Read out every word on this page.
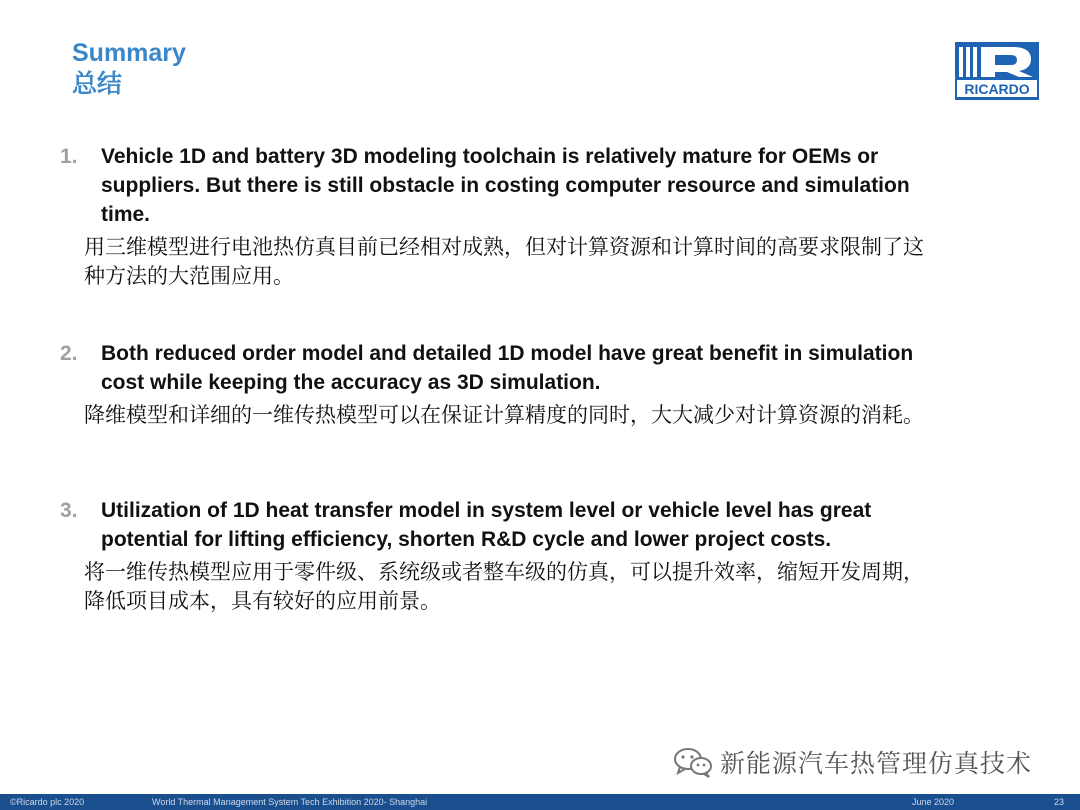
Summary
总结	RICARDO
1. Vehicle 1D and battery 3D modeling toolchain is relatively mature for OEMs or suppliers. But there is still obstacle in costing computer resource and simulation time.
用三维模型进行电池热仿真目前已经相对成熟，但对计算资源和计算时间的高要求限制了这种方法的大范围应用。
2. Both reduced order model and detailed 1D model have great benefit in simulation cost while keeping the accuracy as 3D simulation.
降维模型和详细的一维传热模型可以在保证计算精度的同时，大大减少对计算资源的消耗。
3. Utilization of 1D heat transfer model in system level or vehicle level has great potential for lifting efficiency, shorten R&D cycle and lower project costs.
将一维传热模型应用于零件级、系统级或者整车级的仿真，可以提升效率，缩短开发周期，降低项目成本，具有较好的应用前景。
新能源汽车热管理仿真技术
©Ricardo plc 2020	World Thermal Management System Tech Exhibition 2020- Shanghai	June 2020	23
